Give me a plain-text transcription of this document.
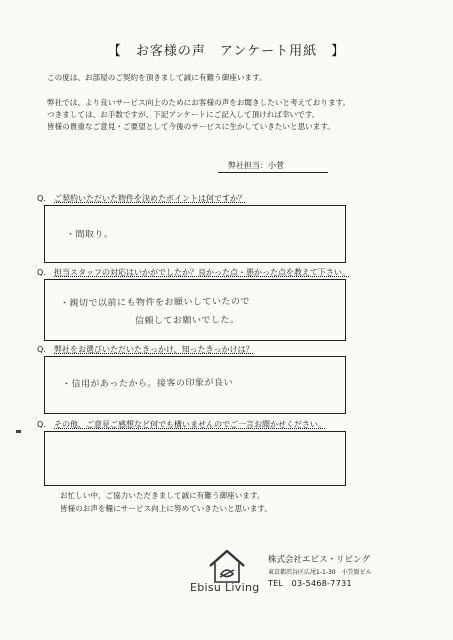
【　お客様の声　アンケート用紙　】
この度は、お部屋のご契約を頂きまして誠に有難う御座います。
弊社では、より良いサービス向上のためにお客様の声をお聞きしたいと考えております。
つきましては、お手数ですが、下記アンケートにご記入して頂ければ幸いです。
皆様の貴重なご意見・ご要望として今後のサービスに生かしていきたいと思います。
弊社担当：小菅
Q. ご契約いただいた物件を決めたポイントは何ですか？
・間取り。
Q. 担当スタッフの対応はいかがでしたか？良かった点・悪かった点を教えて下さい。
・親切で以前にも物件をお願いしていたので
信頼してお願いでした。
Q. 弊社をお選びいただいたきっかけ、知ったきっかけは？
・信用があったから。接客の印象が良い
Q. その他、ご意見ご感想など何でも構いませんのでご一言お聞かせください。
お忙しい中、ご協力いただきまして誠に有難う御座います。
皆様のお声を糧にサービス向上に努めていきたいと思います。
Ebisu Living
株式会社エビス・リビング
東京都渋谷区広尾1-1-30　小笠原ビル
TEL　03-5468-7731
